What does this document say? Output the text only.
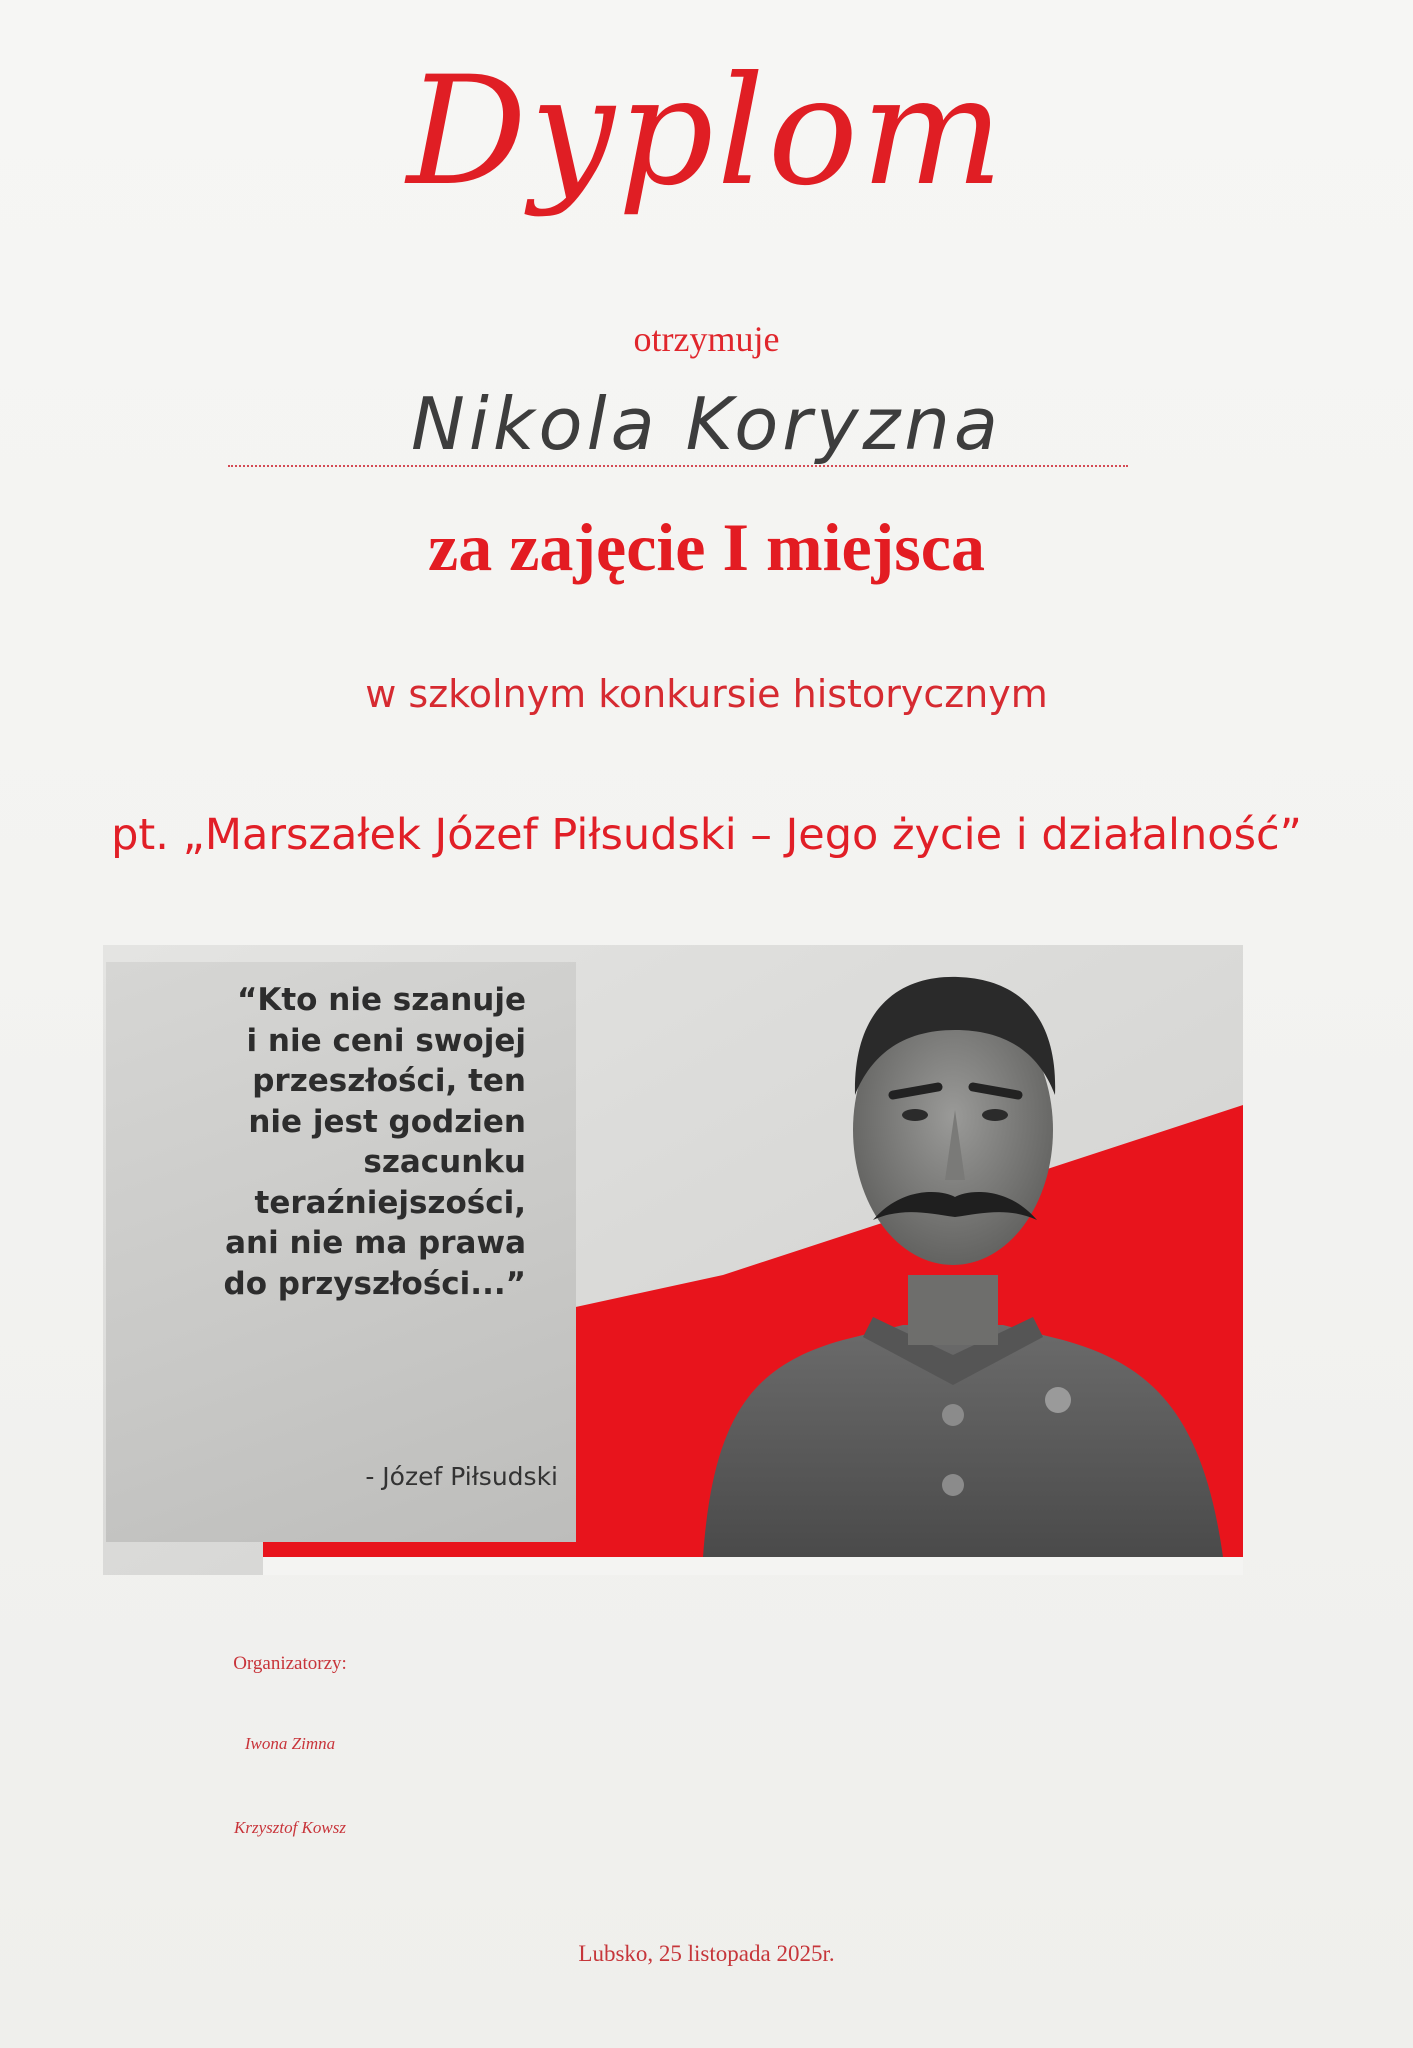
Dyplom
otrzymuje
Nikola Koryzna
za zajęcie I miejsca
w szkolnym konkursie historycznym
pt. „Marszałek Józef Piłsudski – Jego życie i działalność”
“Kto nie szanuje
i nie ceni swojej
przeszłości, ten
nie jest godzien
szacunku
teraźniejszości,
ani nie ma prawa
do przyszłości...”
- Józef Piłsudski
Organizatorzy:
Iwona Zimna
Krzysztof Kowsz
Lubsko, 25 listopada 2025r.
